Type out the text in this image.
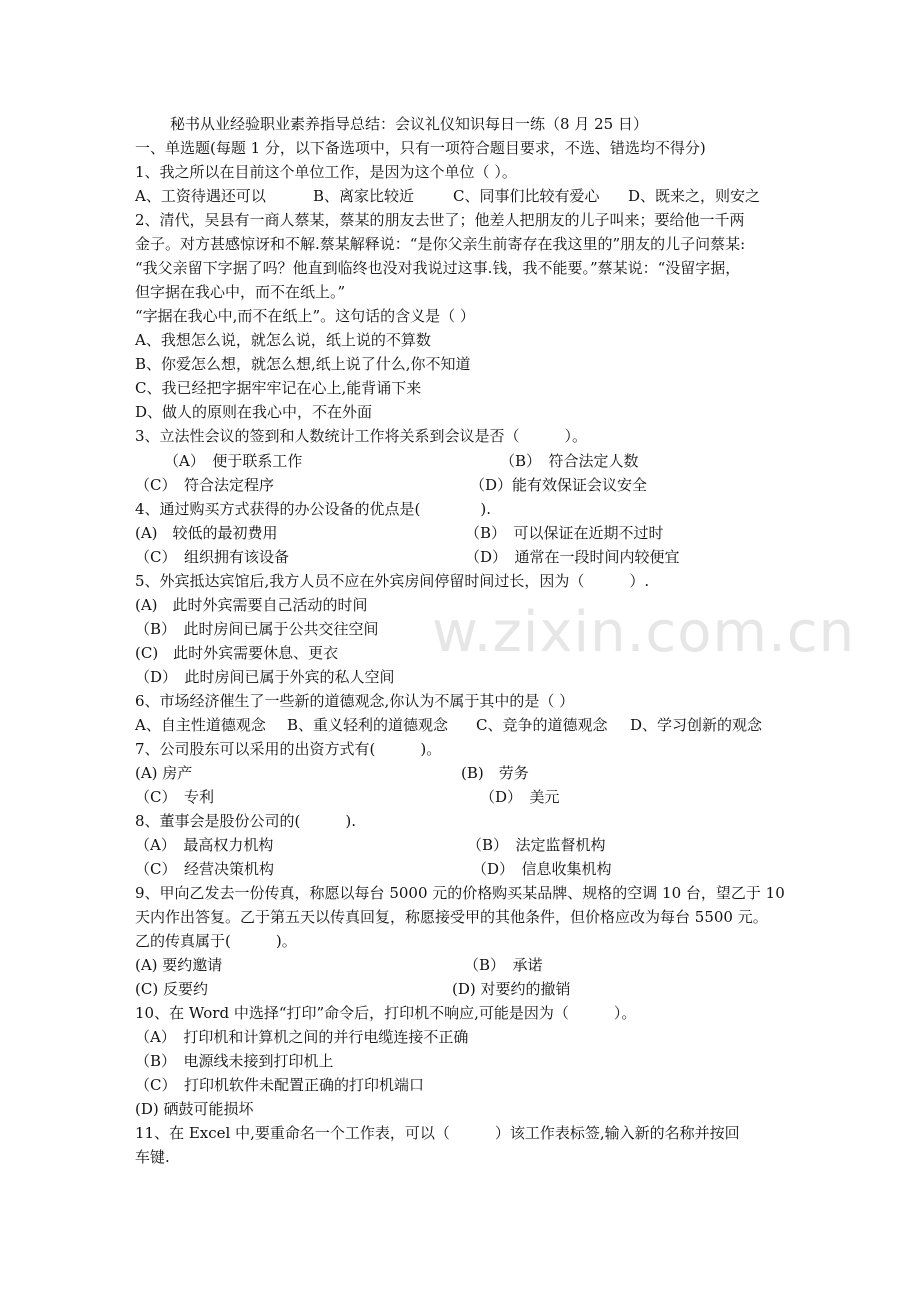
w.zixin.com.cn
秘书从业经验职业素养指导总结：会议礼仪知识每日一练（8 月 25 日）
一、单选题(每题 1 分，以下备选项中，只有一项符合题目要求，不选、错选均不得分)
1、我之所以在目前这个单位工作，是因为这个单位（ ）。
A、工资待遇还可以	B、离家比较近	C、同事们比较有爱心 D、既来之，则安之
2、清代，吴县有一商人蔡某，蔡某的朋友去世了；他差人把朋友的儿子叫来；要给他一千两
金子。对方甚感惊讶和不解.蔡某解释说：“是你父亲生前寄存在我这里的”朋友的儿子问蔡某:
“我父亲留下字据了吗？他直到临终也没对我说过这事.钱，我不能要。”蔡某说：“没留字据，
但字据在我心中，而不在纸上。”
“字据在我心中,而不在纸上”。这句话的含义是（ ）
A、我想怎么说，就怎么说，纸上说的不算数
B、你爱怎么想，就怎么想,纸上说了什么,你不知道
C、我已经把字据牢牢记在心上,能背诵下来
D、做人的原则在我心中，不在外面
3、立法性会议的签到和人数统计工作将关系到会议是否（　　　）。
（A）　便于联系工作	（B）　符合法定人数
（C）　符合法定程序	（D）能有效保证会议安全
4、通过购买方式获得的办公设备的优点是(　　　　).
(A)　较低的最初费用	（B）　可以保证在近期不过时
（C）　组织拥有该设备	（D）　通常在一段时间内较便宜
5、外宾抵达宾馆后,我方人员不应在外宾房间停留时间过长，因为（　　　）.
(A)　此时外宾需要自己活动的时间
（B）　此时房间已属于公共交往空间
(C)　此时外宾需要休息、更衣
（D）　此时房间已属于外宾的私人空间
6、市场经济催生了一些新的道德观念,你认为不属于其中的是（ ）
A、自主性道德观念 B、重义轻利的道德观念 C、竞争的道德观念 D、学习创新的观念
7、公司股东可以采用的出资方式有(　　　)。
(A) 房产	(B)　劳务
（C）　专利	（D）　美元
8、董事会是股份公司的(　　　).
（A）　最高权力机构	（B）　法定监督机构
（C）　经营决策机构	（D）　信息收集机构
9、甲向乙发去一份传真，称愿以每台 5000 元的价格购买某品牌、规格的空调 10 台，望乙于 10
天内作出答复。乙于第五天以传真回复，称愿接受甲的其他条件，但价格应改为每台 5500 元。
乙的传真属于(　　　)。
(A) 要约邀请	（B）　承诺
(C) 反要约	(D) 对要约的撤销
10、在 Word 中选择“打印”命令后，打印机不响应,可能是因为（　　　）。
（A）　打印机和计算机之间的并行电缆连接不正确
（B）　电源线未接到打印机上
（C）　打印机软件未配置正确的打印机端口
(D) 硒鼓可能损坏
11、在 Excel 中,要重命名一个工作表，可以（　　　）该工作表标签,输入新的名称并按回
车键.
